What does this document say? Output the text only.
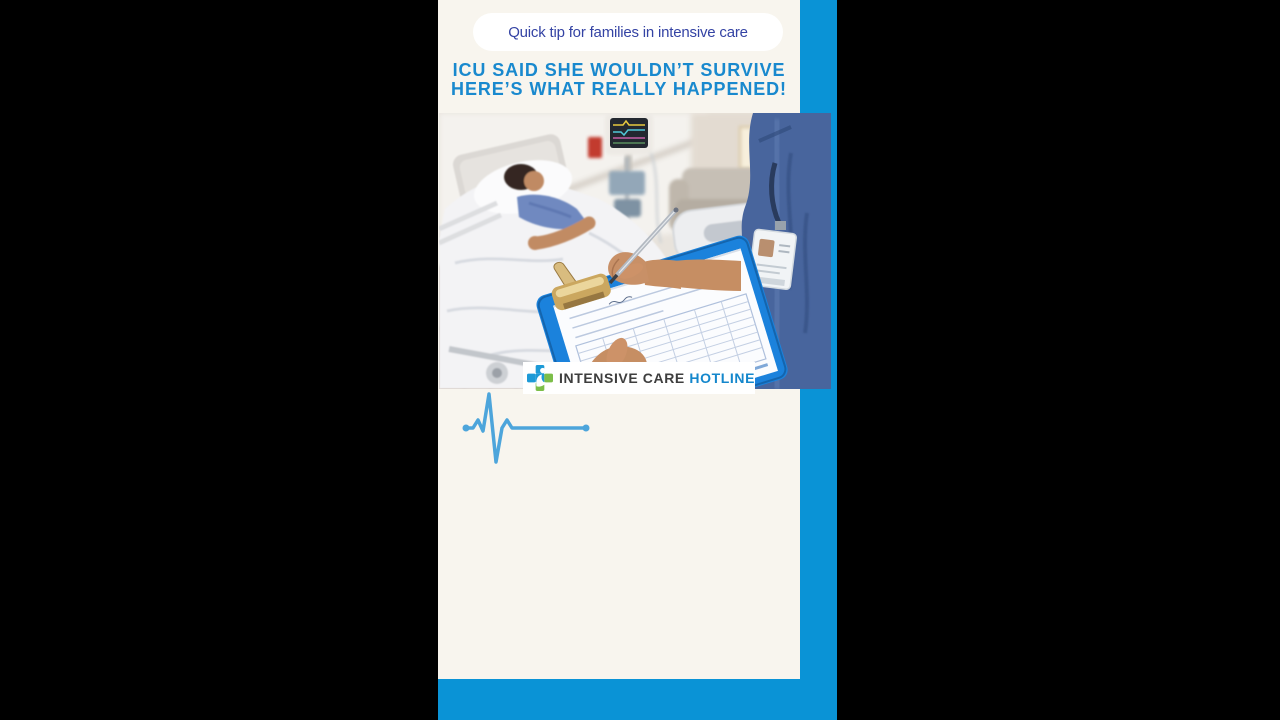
Quick tip for families in intensive care
ICU SAID SHE WOULDN’T SURVIVE
HERE’S WHAT REALLY HAPPENED!
INTENSIVE CARE HOTLINE
